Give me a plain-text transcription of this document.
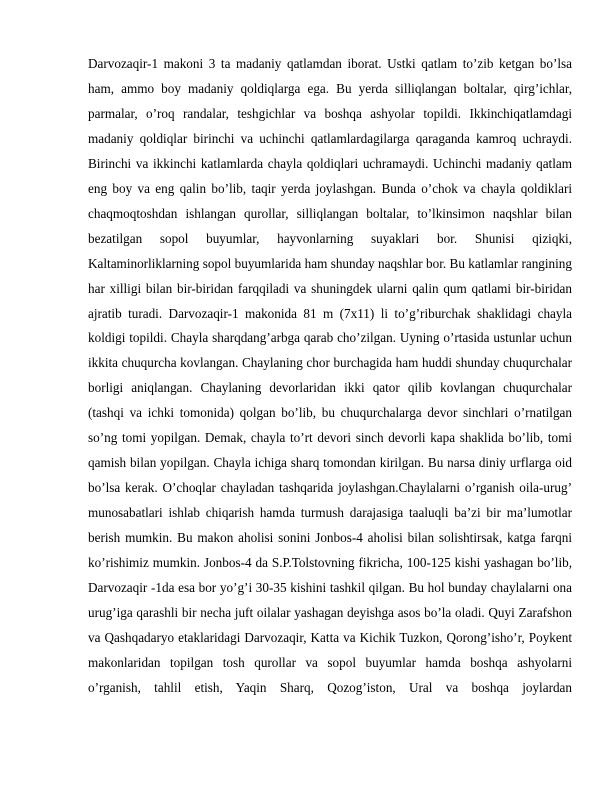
Darvozaqir-1 makoni 3 ta madaniy qatlamdan iborat. Ustki qatlam to’zib ketgan bo’lsa ham, ammo boy madaniy qoldiqlarga ega. Bu yerda silliqlangan boltalar, qirg’ichlar, parmalar, o’roq randalar, teshgichlar va boshqa ashyolar topildi. Ikkinchiqatlamdagi madaniy qoldiqlar birinchi va uchinchi qatlamlardagilarga qaraganda kamroq uchraydi. Birinchi va ikkinchi katlamlarda chayla qoldiqlari uchramaydi. Uchinchi madaniy qatlam eng boy va eng qalin bo’lib, taqir yerda joylashgan. Bunda o’chok va chayla qoldiklari chaqmoqtoshdan ishlangan qurollar, silliqlangan boltalar, to’lkinsimon naqshlar bilan bezatilgan sopol buyumlar, hayvonlarning suyaklari bor. Shunisi qiziqki, Kaltaminorliklarning sopol buyumlarida ham shunday naqshlar bor. Bu katlamlar rangining har xilligi bilan bir-biridan farqqiladi va shuningdek ularni qalin qum qatlami bir-biridan ajratib turadi. Darvozaqir-1 makonida 81 m (7x11) li to’g’riburchak shaklidagi chayla koldigi topildi. Chayla sharqdang’arbga qarab cho’zilgan. Uyning o’rtasida ustunlar uchun ikkita chuqurcha kovlangan. Chaylaning chor burchagida ham huddi shunday chuqurchalar borligi aniqlangan. Chaylaning devorlaridan ikki qator qilib kovlangan chuqurchalar (tashqi va ichki tomonida) qolgan bo’lib, bu chuqurchalarga devor sinchlari o’rnatilgan so’ng tomi yopilgan. Demak, chayla to’rt devori sinch devorli kapa shaklida bo’lib, tomi qamish bilan yopilgan. Chayla ichiga sharq tomondan kirilgan. Bu narsa diniy urflarga oid bo’lsa kerak. O’choqlar chayladan tashqarida joylashgan.Chaylalarni o’rganish oila-urug’ munosabatlari ishlab chiqarish hamda turmush darajasiga taaluqli ba’zi bir ma’lumotlar berish mumkin. Bu makon aholisi sonini Jonbos-4 aholisi bilan solishtirsak, katga farqni ko’rishimiz mumkin. Jonbos-4 da S.P.Tolstovning fikricha, 100-125 kishi yashagan bo’lib, Darvozaqir -1da esa bor yo’g’i 30-35 kishini tashkil qilgan. Bu hol bunday chaylalarni ona urug’iga qarashli bir necha juft oilalar yashagan deyishga asos bo’la oladi. Quyi Zarafshon va Qashqadaryo etaklaridagi Darvozaqir, Katta va Kichik Tuzkon, Qorong’isho’r, Poykent makonlaridan topilgan tosh qurollar va sopol buyumlar hamda boshqa ashyolarni o’rganish, tahlil etish, Yaqin Sharq, Qozog’iston, Ural va boshqa joylardan
